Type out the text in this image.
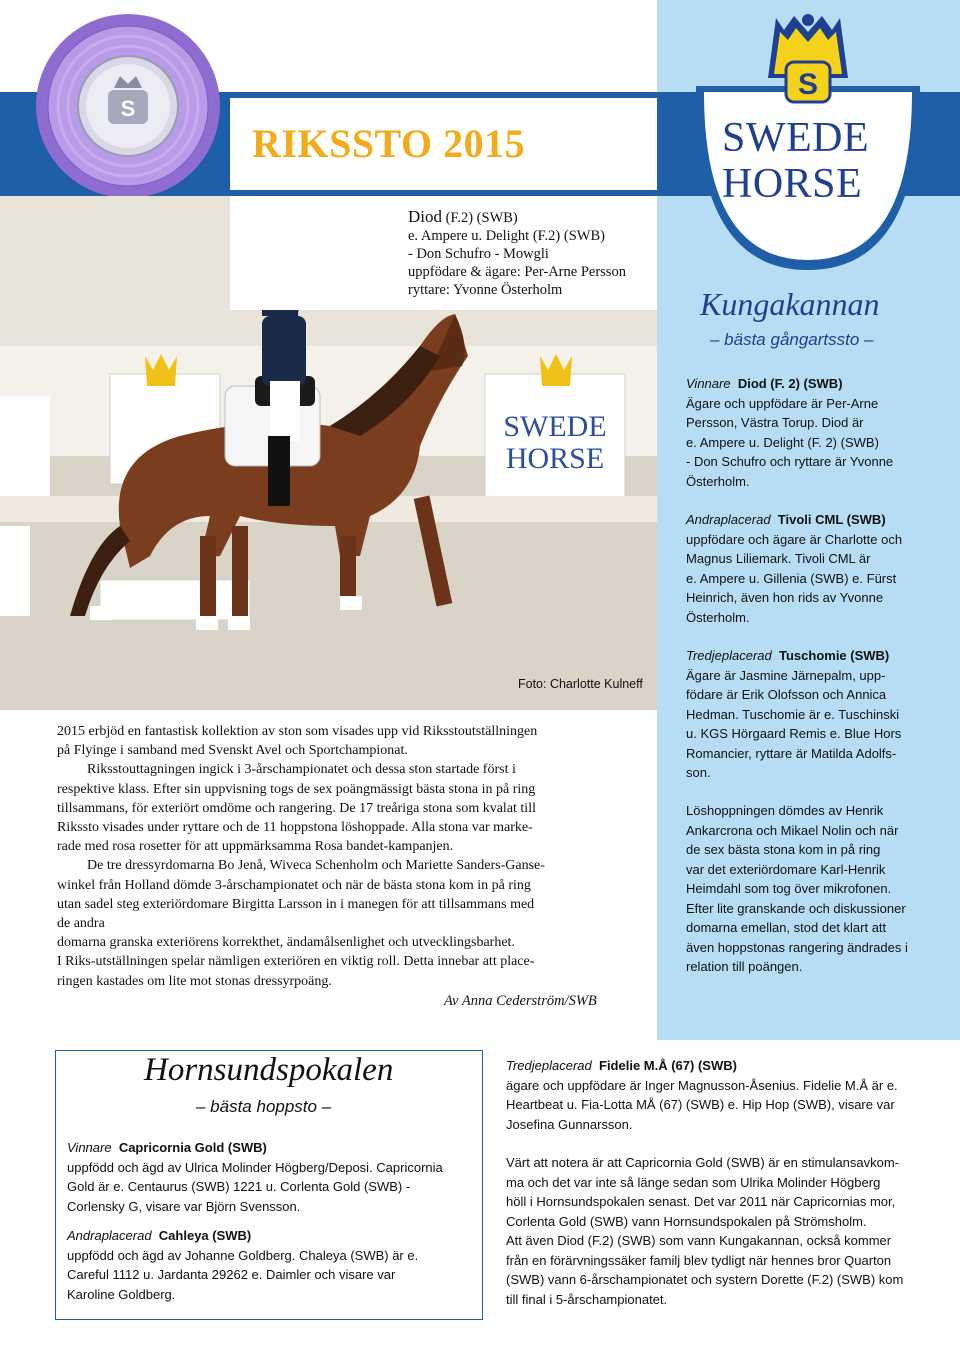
RIKSSTO 2015
S
S
SWEDE
HORSE
SWEDE
HORSE
Diod (F.2) (SWB)
e. Ampere u. Delight (F.2) (SWB)
- Don Schufro - Mowgli
uppfödare & ägare: Per-Arne Persson
ryttare: Yvonne Österholm
Foto: Charlotte Kulneff
Kungakannan
– bästa gångartssto –
Vinnare Diod (F. 2) (SWB)
Ägare och uppfödare är Per-Arne
Persson, Västra Torup. Diod är
e. Ampere u. Delight (F. 2) (SWB)
- Don Schufro och ryttare är Yvonne
Österholm.
Andraplacerad Tivoli CML (SWB)
uppfödare och ägare är Charlotte och
Magnus Liliemark. Tivoli CML är
e. Ampere u. Gillenia (SWB) e. Fürst
Heinrich, även hon rids av Yvonne
Österholm.
Tredjeplacerad Tuschomie (SWB)
Ägare är Jasmine Järnepalm, upp-
födare är Erik Olofsson och Annica
Hedman. Tuschomie är e. Tuschinski
u. KGS Hörgaard Remis e. Blue Hors
Romancier, ryttare är Matilda Adolfs-
son.
Löshoppningen dömdes av Henrik
Ankarcrona och Mikael Nolin och när
de sex bästa stona kom in på ring
var det exteriördomare Karl-Henrik
Heimdahl som tog över mikrofonen.
Efter lite granskande och diskussioner
domarna emellan, stod det klart att
även hoppstonas rangering ändrades i
relation till poängen.

2015 erbjöd en fantastisk kollektion av ston som visades upp vid Riksstoutställningen

på Flyinge i samband med Svenskt Avel och Sportchampionat.

Riksstouttagningen ingick i 3-årschampionatet och dessa ston startade först i

respektive klass. Efter sin uppvisning togs de sex poängmässigt bästa stona in på ring

tillsammans, för exteriört omdöme och rangering. De 17 treåriga stona som kvalat till

Rikssto visades under ryttare och de 11 hoppstona löshoppade. Alla stona var marke-

rade med rosa rosetter för att uppmärksamma Rosa bandet-kampanjen.

De tre dressyrdomarna Bo Jenå, Wiveca Schenholm och Mariette Sanders-Ganse-

winkel från Holland dömde 3-årschampionatet och när de bästa stona kom in på ring

utan sadel steg exteriördomare Birgitta Larsson in i manegen för att tillsammans med

de andra

domarna granska exteriörens korrekthet, ändamålsenlighet och utvecklingsbarhet.

I Riks-utställningen spelar nämligen exteriören en viktig roll. Detta innebar att place-

ringen kastades om lite mot stonas dressyrpoäng.

Av Anna Cederström/SWB
Hornsundspokalen
– bästa hoppsto –
Vinnare Capricornia Gold (SWB)
uppfödd och ägd av Ulrica Molinder Högberg/Deposi. Capricornia
Gold är e. Centaurus (SWB) 1221 u. Corlenta Gold (SWB) -
Corlensky G, visare var Björn Svensson.
Andraplacerad Cahleya (SWB)
uppfödd och ägd av Johanne Goldberg. Chaleya (SWB) är e.
Careful 1112 u. Jardanta 29262 e. Daimler och visare var
Karoline Goldberg.
Tredjeplacerad Fidelie M.Å (67) (SWB)
ägare och uppfödare är Inger Magnusson-Åsenius. Fidelie M.Å är e.
Heartbeat u. Fia-Lotta MÅ (67) (SWB) e. Hip Hop (SWB), visare var
Josefina Gunnarsson.
Värt att notera är att Capricornia Gold (SWB) är en stimulansavkom-
ma och det var inte så länge sedan som Ulrika Molinder Högberg
höll i Hornsundspokalen senast. Det var 2011 när Capricornias mor,
Corlenta Gold (SWB) vann Hornsundspokalen på Strömsholm.
Att även Diod (F.2) (SWB) som vann Kungakannan, också kommer
från en förärvningssäker familj blev tydligt när hennes bror Quarton
(SWB) vann 6-årschampionatet och systern Dorette (F.2) (SWB) kom
till final i 5-årschampionatet.
